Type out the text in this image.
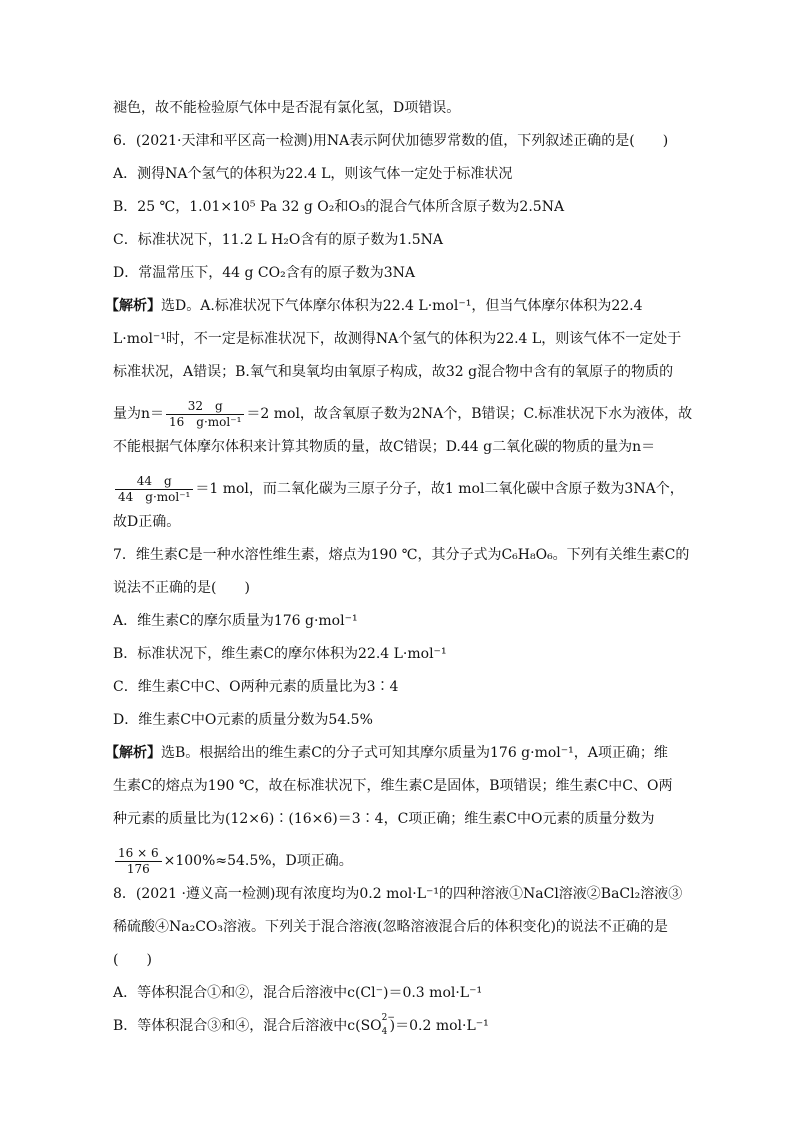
褪色，故不能检验原气体中是否混有氯化氢，D项错误。
6．(2021·天津和平区高一检测)用NA表示阿伏加德罗常数的值，下列叙述正确的是(　　)
A．测得NA个氢气的体积为22.4 L，则该气体一定处于标准状况
B．25 ℃，1.01×10⁵ Pa 32 g O₂和O₃的混合气体所含原子数为2.5NA
C．标准状况下，11.2 L H₂O含有的原子数为1.5NA
D．常温常压下，44 g CO₂含有的原子数为3NA
【解析】选D。A.标准状况下气体摩尔体积为22.4 L·mol⁻¹，但当气体摩尔体积为22.4
L·mol⁻¹时，不一定是标准状况下，故测得NA个氢气的体积为22.4 L，则该气体不一定处于
标准状况，A错误；B.氧气和臭氧均由氧原子构成，故32 g混合物中含有的氧原子的物质的
量为$n= \frac{32 g}{\text{16　g·mol⁻¹}} =2$ mol，故含氧原子数为2NA个，B错误；C.标准状况下水为液体，故
不能根据气体摩尔体积来计算其物质的量，故C错误；D.44 g二氧化碳的物质的量为n＝
$\frac{44 g}{\text{44　g·mol⁻¹}} =1$ mol，而二氧化碳为三原子分子，故1 mol二氧化碳中含原子数为3NA个，
故D正确。
7．维生素C是一种水溶性维生素，熔点为190 ℃，其分子式为C₆H₈O₆。下列有关维生素C的
说法不正确的是(　　)
A．维生素C的摩尔质量为176 g·mol⁻¹
B．标准状况下，维生素C的摩尔体积为22.4 L·mol⁻¹
C．维生素C中C、O两种元素的质量比为3∶4
D．维生素C中O元素的质量分数为54.5%
【解析】选B。根据给出的维生素C的分子式可知其摩尔质量为176 g·mol⁻¹，A项正确；维
生素C的熔点为190 ℃，故在标准状况下，维生素C是固体，B项错误；维生素C中C、O两
种元素的质量比为(12×6)∶(16×6)＝3∶4，C项正确；维生素C中O元素的质量分数为
$\frac{16 \times 6}{176} \times 100\%\approx 54.5\%$，D项正确。
8．(2021 ·遵义高一检测)现有浓度均为0.2 mol·L⁻¹的四种溶液①NaCl溶液②BaCl₂溶液③
稀硫酸④Na₂CO₃溶液。下列关于混合溶液(忽略溶液混合后的体积变化)的说法不正确的是
(　　)
A．等体积混合①和②，混合后溶液中c(Cl⁻)＝0.3 mol·L⁻¹
B．等体积混合③和④，混合后溶液中c(SO 2−
4 )＝0.2 mol·L⁻¹
